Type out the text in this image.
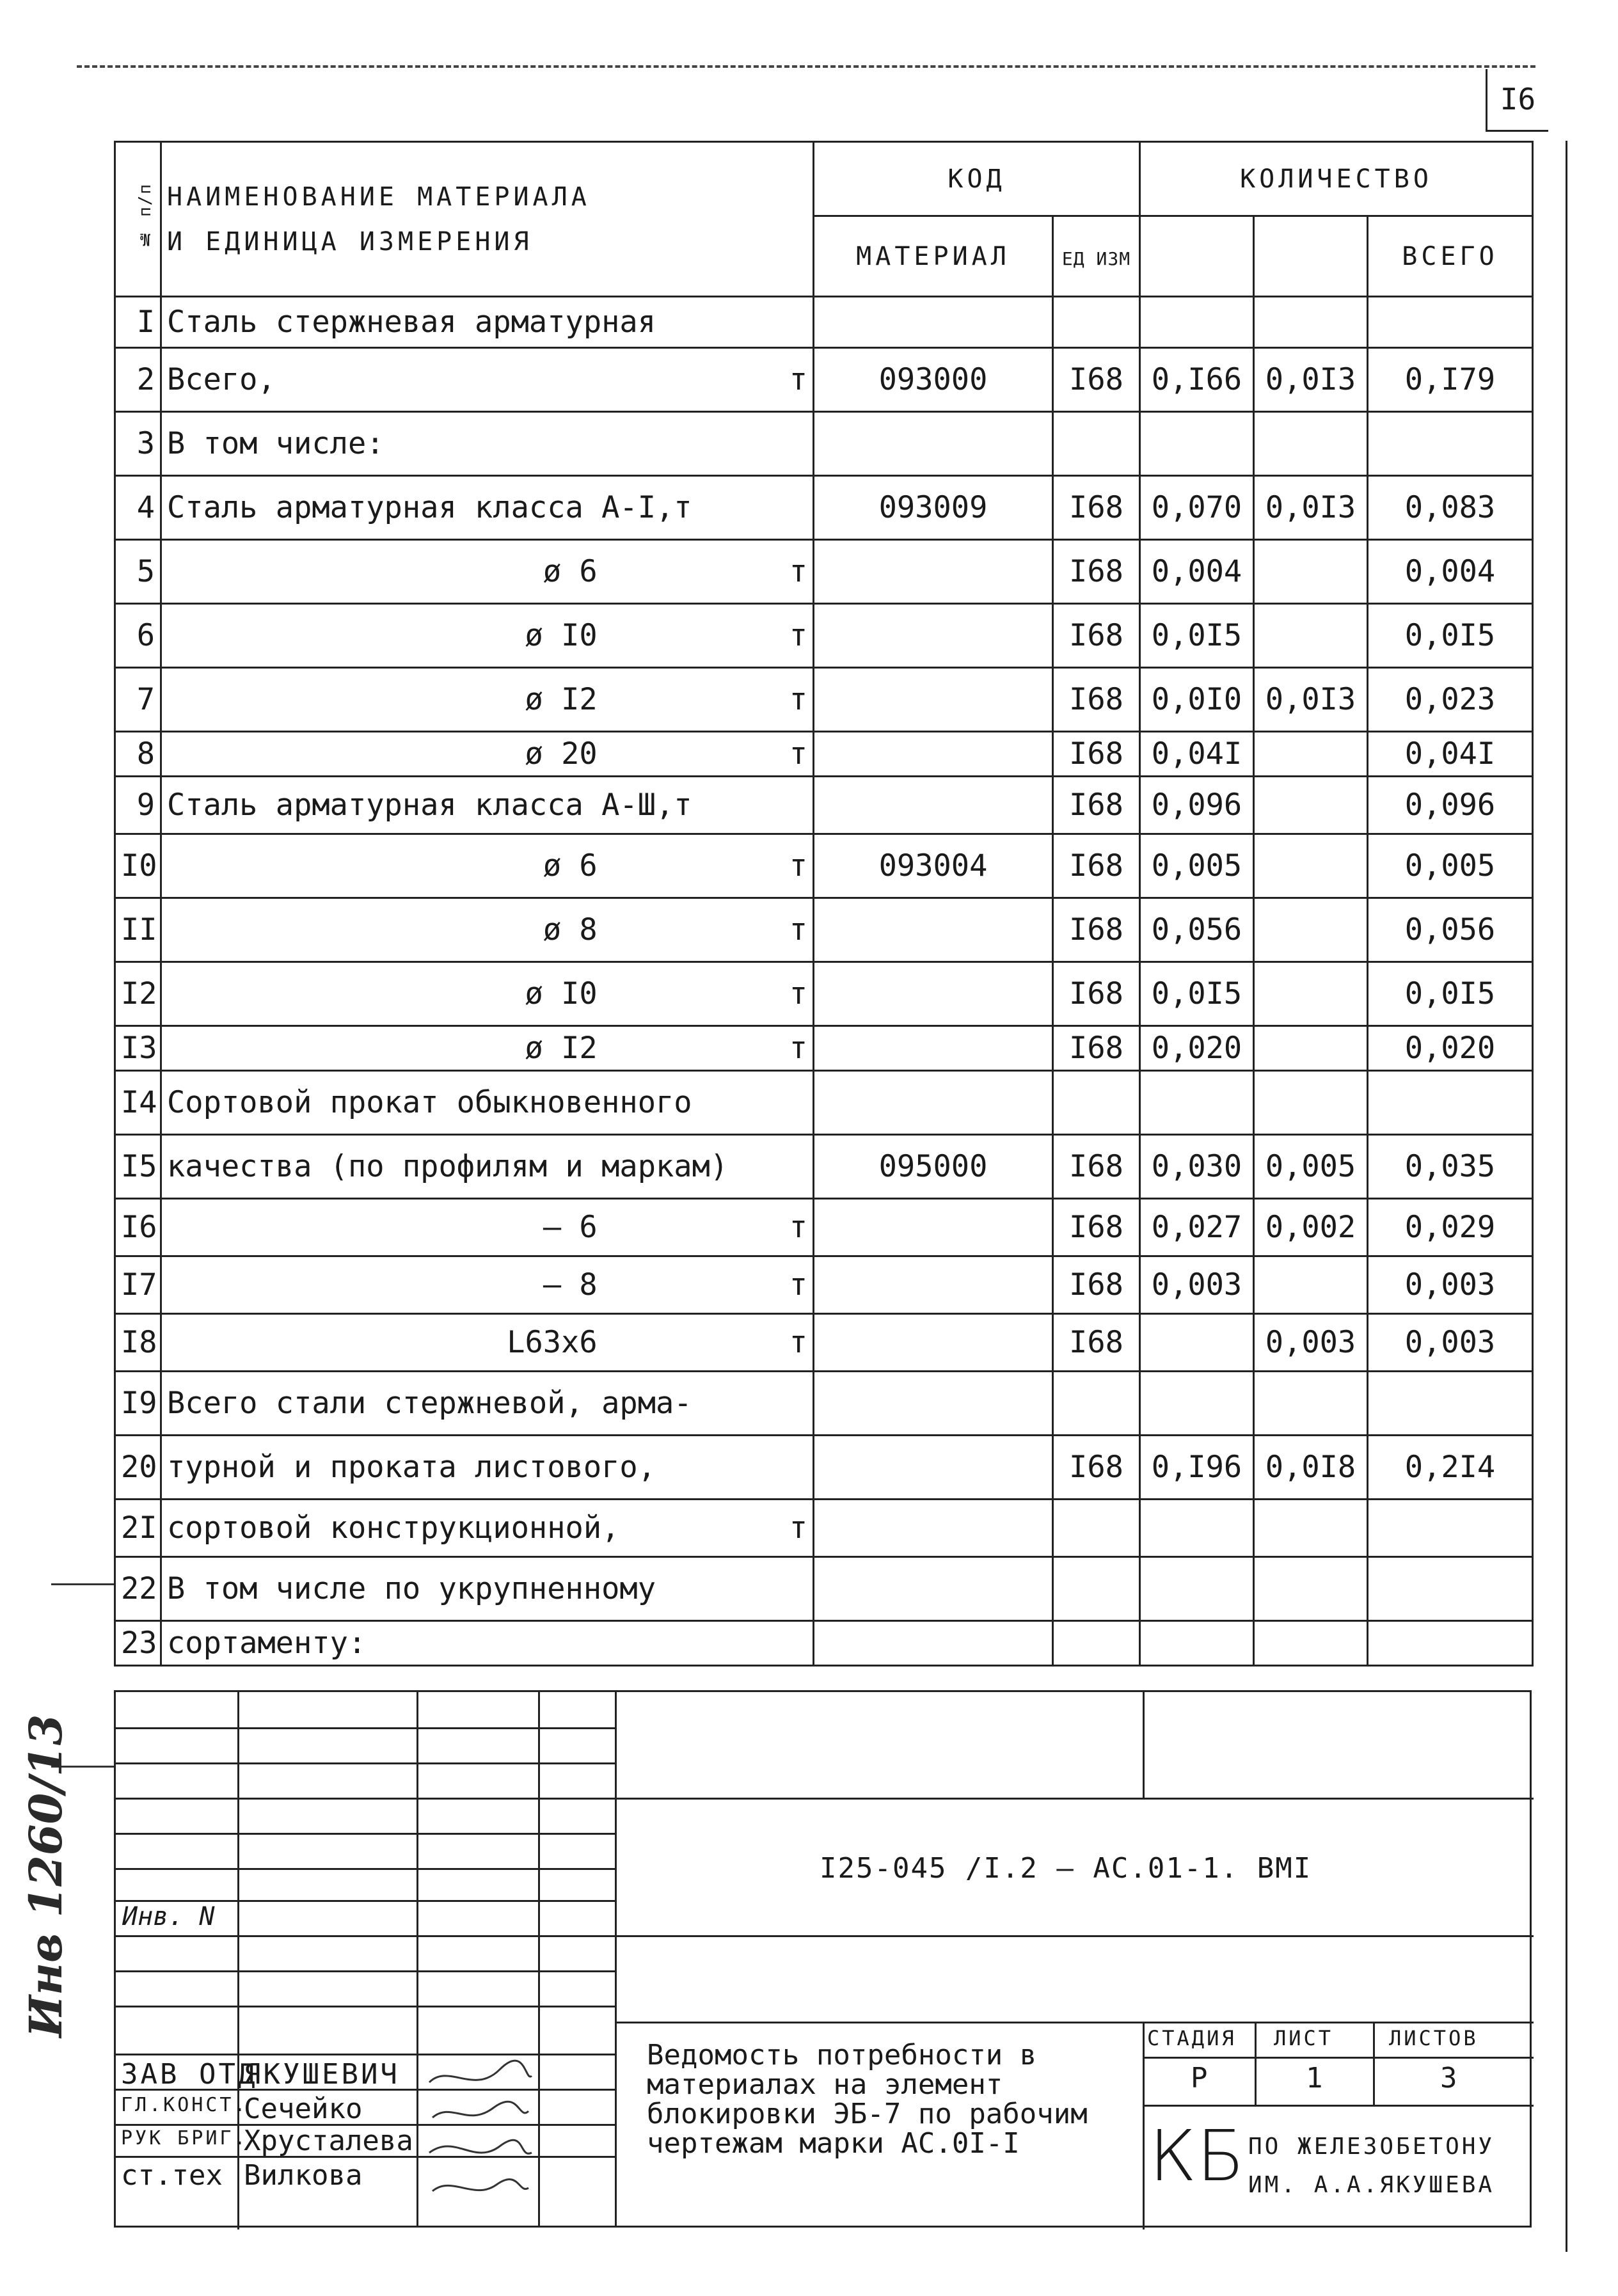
I6
№ п/п	НАИМЕНОВАНИЕ МАТЕРИАЛА
И ЕДИНИЦА ИЗМЕРЕНИЯ	КОД		КОЛИЧЕСТВО		
		МАТЕРИАЛ	ЕД ИЗМ			ВСЕГО
I	Сталь стержневая арматурная					

2	Всего, т	093000	I68	0,I66	0,0I3	0,I79
3	В том числе:					

4	Сталь арматурная класса А-I,т	093009	I68	0,070	0,0I3	0,083
5	ø 6 т		I68	0,004		0,004
6	ø I0 т		I68	0,0I5		0,0I5
7	ø I2 т		I68	0,0I0	0,0I3	0,023
8	ø 20 т		I68	0,04I		0,04I
9	Сталь арматурная класса А-Ш,т		I68	0,096		0,096
I0	ø 6 т	093004	I68	0,005		0,005
II	ø 8 т		I68	0,056		0,056
I2	ø I0 т		I68	0,0I5		0,0I5
I3	ø I2 т		I68	0,020		0,020
I4	Сортовой прокат обыкновенного					

I5	качества (по профилям и маркам)	095000	I68	0,030	0,005	0,035
I6	– 6 т		I68	0,027	0,002	0,029
I7	– 8 т		I68	0,003		0,003
I8	L63x6 т		I68		0,003	0,003
I9	Всего стали стержневой, арма-					

20	турной и проката листового,		I68	0,I96	0,0I8	0,2I4
2I	сортовой конструкционной, т					

22	В том числе по укрупненному					

23	сортаменту:					

I25-045 /I.2 – АС.01-1. ВМI
Инв. N
ЗАВ ОТД
ЯКУШЕВИЧ
ГЛ.КОНСТ.
Сечейко
РУК БРИГ.
Хрусталева
ст.тех Вилкова
Ведомость потребности в
материалах на элемент
блокировки ЭБ-7 по рабочим
чертежам марки АС.0I-I
СТАДИЯ ЛИСТ	ЛИСТОВ
Р	1	3
КБ ПО ЖЕЛЕЗОБЕТОНУ
ИМ. А.А.ЯКУШЕВА
Инв 1260/13
